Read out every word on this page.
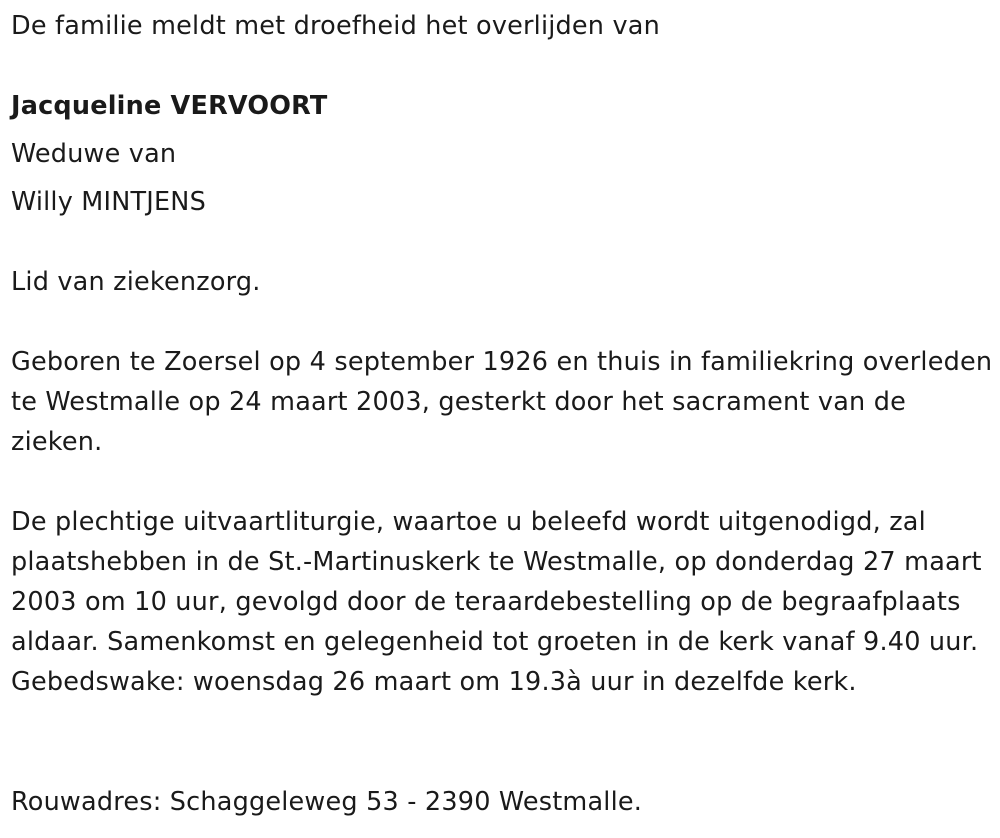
De familie meldt met droefheid het overlijden van
Jacqueline VERVOORT
Weduwe van
Willy MINTJENS
Lid van ziekenzorg.

Geboren te Zoersel op 4 september 1926 en thuis in familiekring overleden te Westmalle op 24 maart 2003, gesterkt door het sacrament van de zieken.

De plechtige uitvaartliturgie, waartoe u beleefd wordt uitgenodigd, zal plaatshebben in de St.-Martinuskerk te Westmalle, op donderdag 27 maart 2003 om 10 uur, gevolgd door de teraardebestelling op de begraafplaats aldaar. Samenkomst en gelegenheid tot groeten in de kerk vanaf 9.40 uur. Gebedswake: woensdag 26 maart om 19.3à uur in dezelfde kerk.

Rouwadres: Schaggeleweg 53 - 2390 Westmalle.
